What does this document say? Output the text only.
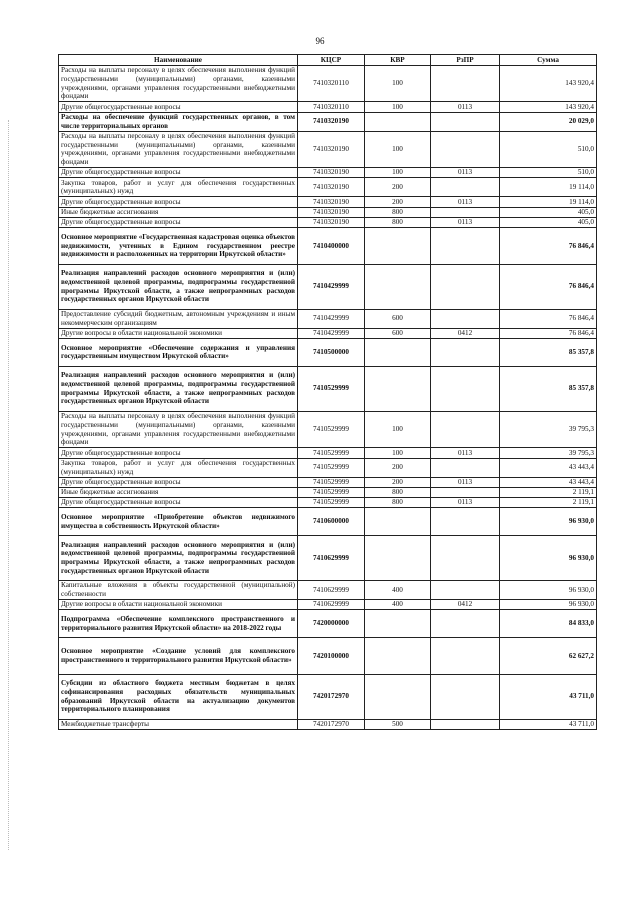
96
Наименование	КЦСР	КВР	РзПР	Сумма
Расходы на выплаты персоналу в целях обеспечения выполнения функций государственными (муниципальными) органами, казенными учреждениями, органами управления государственными внебюджетными фондами	7410320110	100		143 920,4
Другие общегосударственные вопросы	7410320110	100	0113	143 920,4
Расходы на обеспечение функций государственных органов, в том числе территориальных органов	7410320190			20 029,0
Расходы на выплаты персоналу в целях обеспечения выполнения функций государственными (муниципальными) органами, казенными учреждениями, органами управления государственными внебюджетными фондами	7410320190	100		510,0
Другие общегосударственные вопросы	7410320190	100	0113	510,0
Закупка товаров, работ и услуг для обеспечения государственных (муниципальных) нужд	7410320190	200		19 114,0
Другие общегосударственные вопросы	7410320190	200	0113	19 114,0
Иные бюджетные ассигнования	7410320190	800		405,0
Другие общегосударственные вопросы	7410320190	800	0113	405,0
Основное мероприятие «Государственная кадастровая оценка объектов недвижимости, учтенных в Едином государственном реестре недвижимости и расположенных на территории Иркутской области»	7410400000			76 846,4
Реализация направлений расходов основного мероприятия и (или) ведомственной целевой программы, подпрограммы государственной программы Иркутской области, а также непрограммных расходов государственных органов Иркутской области	7410429999			76 846,4
Предоставление субсидий бюджетным, автономным учреждениям и иным некоммерческим организациям	7410429999	600		76 846,4
Другие вопросы в области национальной экономики	7410429999	600	0412	76 846,4
Основное мероприятие «Обеспечение содержания и управления государственным имуществом Иркутской области»	7410500000			85 357,8
Реализация направлений расходов основного мероприятия и (или) ведомственной целевой программы, подпрограммы государственной программы Иркутской области, а также непрограммных расходов государственных органов Иркутской области	7410529999			85 357,8
Расходы на выплаты персоналу в целях обеспечения выполнения функций государственными (муниципальными) органами, казенными учреждениями, органами управления государственными внебюджетными фондами	7410529999	100		39 795,3
Другие общегосударственные вопросы	7410529999	100	0113	39 795,3
Закупка товаров, работ и услуг для обеспечения государственных (муниципальных) нужд	7410529999	200		43 443,4
Другие общегосударственные вопросы	7410529999	200	0113	43 443,4
Иные бюджетные ассигнования	7410529999	800		2 119,1
Другие общегосударственные вопросы	7410529999	800	0113	2 119,1
Основное мероприятие «Приобретение объектов недвижимого имущества в собственность Иркутской области»	7410600000			96 930,0
Реализация направлений расходов основного мероприятия и (или) ведомственной целевой программы, подпрограммы государственной программы Иркутской области, а также непрограммных расходов государственных органов Иркутской области	7410629999			96 930,0
Капитальные вложения в объекты государственной (муниципальной) собственности	7410629999	400		96 930,0
Другие вопросы в области национальной экономики	7410629999	400	0412	96 930,0
Подпрограмма «Обеспечение комплексного пространственного и территориального развития Иркутской области» на 2018-2022 годы	7420000000			84 833,0
Основное мероприятие «Создание условий для комплексного пространственного и территориального развития Иркутской области»	7420100000			62 627,2
Субсидии из областного бюджета местным бюджетам в целях софинансирования расходных обязательств муниципальных образований Иркутской области на актуализацию документов территориального планирования	7420172970			43 711,0
Межбюджетные трансферты	7420172970	500		43 711,0
